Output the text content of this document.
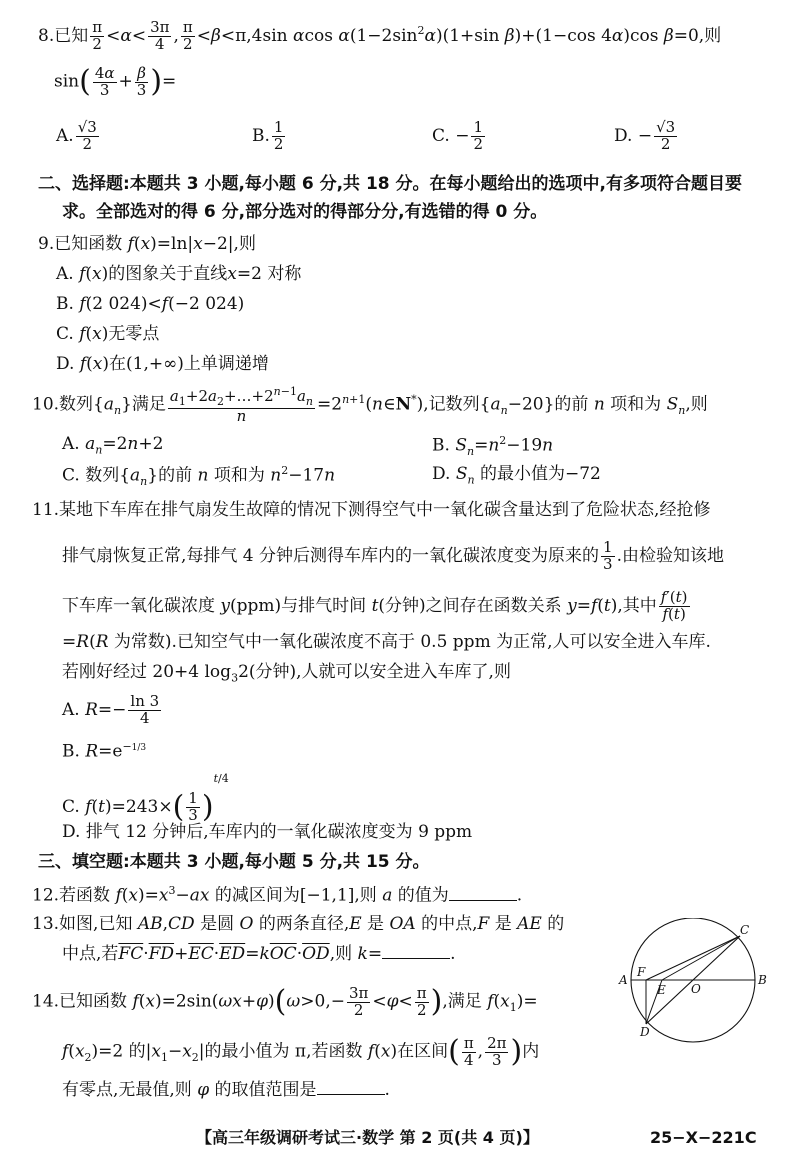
8.已知 $\frac{\pi}{2} <\alpha< \frac{3\pi}{4}$ , $\frac{\pi}{2} <\beta<\pi,4\sin$ αcos $\alpha(1-2\sin^2\alpha)(1+\sin$ β)+(1−cos 4α)cos β=0,则
$\sin( \frac{4\alpha}{3} + \frac{\beta}{3}$ )=
A. $\frac{√3}{2}$	B. $\frac{1}{2}$	C. − $\frac{1}{2}$	D. − $\frac{√3}{2}$
二、选择题:本题共 3 小题,每小题 6 分,共 18 分。在每小题给出的选项中,有多项符合题目要
求。全部选对的得 6 分,部分选对的得部分分,有选错的得 0 分。
9.已知函数 f(x)=ln|x−2|,则
A. f(x)的图象关于直线x=2 对称
B. f(2 024)<f(−2 024)
C. f(x)无零点
D. f(x)在(1,+∞)上单调递增
10.数列$\{a_n\}$满足 $\frac{a_1+2a_2+\dots+2^{n-1}a_n}{n}$ $=2^{n+1}(n\in N^*)$,记数列$\{a_n-20\}$的前 n 项和为 $S_n$,则
A. $a_n=2n+2$	B. $S_n=n^2-19n$
C. 数列$\{a_n\}$的前 n 项和为 $n^2-17n$	D. $S_n$ 的最小值为−72
11.某地下车库在排气扇发生故障的情况下测得空气中一氧化碳含量达到了危险状态,经抢修
排气扇恢复正常,每排气 4 分钟后测得车库内的一氧化碳浓度变为原来的 $\frac{1}{3}$ .由检验知该地
下车库一氧化碳浓度 y(ppm)与排气时间 t(分钟)之间存在函数关系 y=f(t),其中 $\frac{f'(t)}{f(t)}$
=R(R 为常数).已知空气中一氧化碳浓度不高于 0.5 ppm 为正常,人可以安全进入车库.
若刚好经过 20+4 $\log_32$(分钟),人就可以安全进入车库了,则
A. $R=- \frac{\ln 3}{4}$
B. $R=e^{-1/3}$
C. $f(t)=243\times( \frac{1}{3} )^{t/4}$
D. 排气 12 分钟后,车库内的一氧化碳浓度变为 9 ppm
三、填空题:本题共 3 小题,每小题 5 分,共 15 分。
12.若函数 $f(x)=x^3-ax$ 的减区间为[−1,1],则 a 的值为	.
13.如图,已知 AB,CD 是圆 O 的两条直径,E 是 OA 的中点,F 是 AE 的
中点,若$\overline{FC}\cdot\overline{FD}+\overline{EC}\cdot\overline{ED}=k\overline{OC}\cdot\overline{OD}$,则 k=	.
14.已知函数 $f(x)=2\sin(\omega x+\varphi)(\omega>0,- \frac{3\pi}{2} <\varphi< \frac{\pi}{2}$ ),满足 $f(x_1)=$
$f(x_2)=2$ 的$|x_1-x_2|$的最小值为 π,若函数 f(x)在区间( $\frac{\pi}{4}$ , $\frac{2\pi}{3}$ )内
有零点,无最值,则 φ 的取值范围是	.
A	B
C
D
E
F
O
【高三年级调研考试三·数学 第 2 页(共 4 页)】	25−X−221C
